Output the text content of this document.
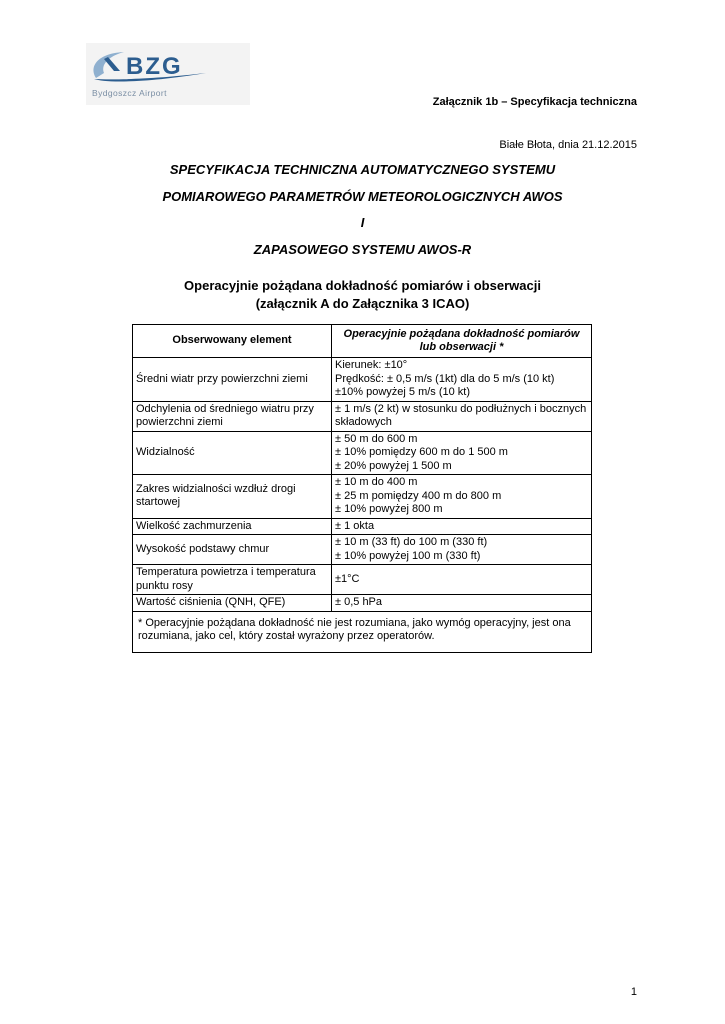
BZG
Bydgoszcz Airport
Załącznik 1b – Specyfikacja techniczna
Białe Błota, dnia 21.12.2015
SPECYFIKACJA TECHNICZNA AUTOMATYCZNEGO SYSTEMU
POMIAROWEGO PARAMETRÓW METEOROLOGICZNYCH AWOS
I
ZAPASOWEGO SYSTEMU AWOS-R
Operacyjnie pożądana dokładność pomiarów i obserwacji
(załącznik A do Załącznika 3 ICAO)
Obserwowany element	Operacyjnie pożądana dokładność pomiarów lub obserwacji *
Średni wiatr przy powierzchni ziemi	Kierunek: ±10°
Prędkość: ± 0,5 m/s (1kt) dla do 5 m/s (10 kt)
±10% powyżej 5 m/s (10 kt)

Odchylenia od średniego wiatru przy powierzchni ziemi	± 1 m/s (2 kt) w stosunku do podłużnych i bocznych składowych

Widzialność	± 50 m do 600 m
± 10% pomiędzy 600 m do 1 500 m
± 20% powyżej 1 500 m

Zakres widzialności wzdłuż drogi startowej	± 10 m do 400 m
± 25 m pomiędzy 400 m do 800 m
± 10% powyżej 800 m

Wielkość zachmurzenia	± 1 okta

Wysokość podstawy chmur	± 10 m (33 ft) do 100 m (330 ft)
± 10% powyżej 100 m (330 ft)

Temperatura powietrza i temperatura punktu rosy	±1°C

Wartość ciśnienia (QNH, QFE)	± 0,5 hPa

* Operacyjnie pożądana dokładność nie jest rozumiana, jako wymóg operacyjny, jest ona rozumiana, jako cel, który został wyrażony przez operatorów.	
1
